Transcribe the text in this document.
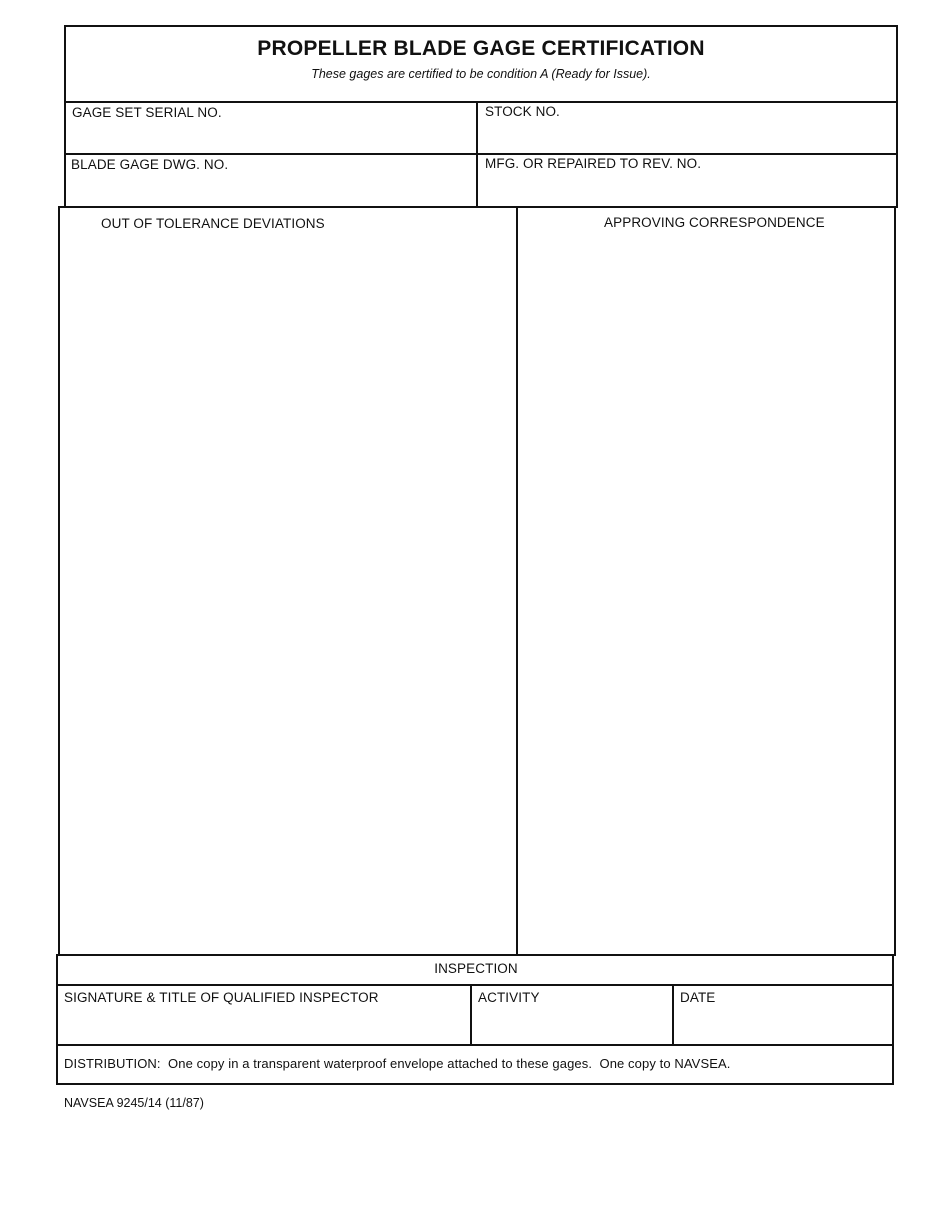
PROPELLER BLADE GAGE CERTIFICATION
These gages are certified to be condition A (Ready for Issue).
GAGE SET SERIAL NO.	STOCK NO.
BLADE GAGE DWG. NO.	MFG. OR REPAIRED TO REV. NO.
OUT OF TOLERANCE DEVIATIONS	APPROVING CORRESPONDENCE
INSPECTION
SIGNATURE & TITLE OF QUALIFIED INSPECTOR	ACTIVITY	DATE
DISTRIBUTION:  One copy in a transparent waterproof envelope attached to these gages.  One copy to NAVSEA.
NAVSEA 9245/14 (11/87)
